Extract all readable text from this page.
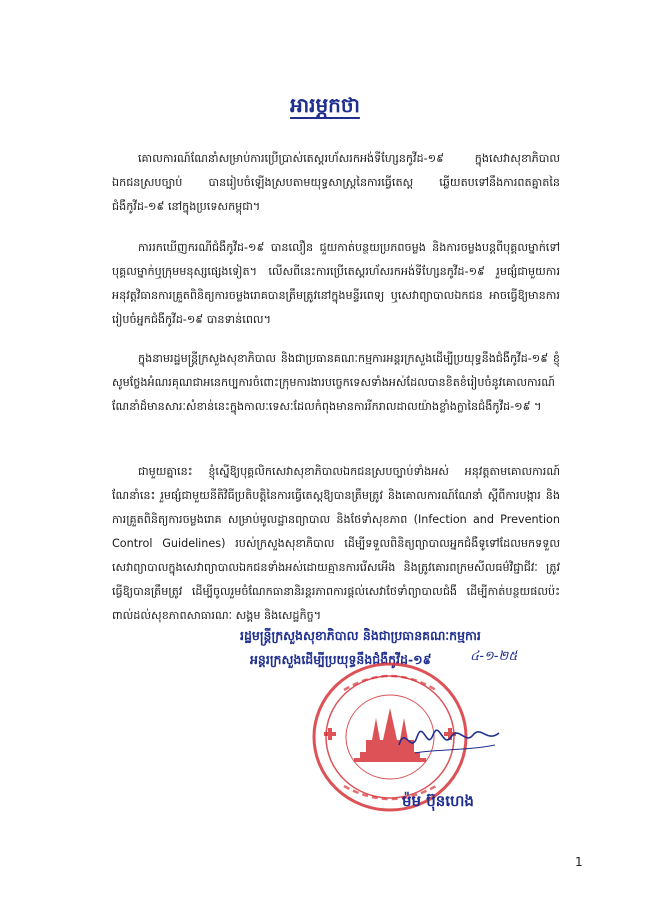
អារម្ភកថា

គោលការណ៍ណែនាំសម្រាប់ការប្រើប្រាស់តេស្តរហ័សរកអង់ទីហ្សែនកូវីដ-១៩ ក្នុងសេវាសុខាភិបាលឯកជនស្របច្បាប់ បានរៀបចំឡើងស្របតាមយុទ្ធសាស្ត្រនៃការធ្វើតេស្ត ឆ្លើយតបទៅនឹងការពតគ្នាតនៃជំងឺកូវីដ-១៩ នៅក្នុងប្រទេសកម្ពុជា។

ការរកឃើញករណីជំងឺកូវីដ-១៩ បានលឿន ជួយកាត់បន្ថយប្រភពចម្លង និងការចម្លងបន្តពីបុគ្គលម្នាក់ទៅបុគ្គលម្នាក់ឬក្រុមមនុស្សផ្សេងទៀត។ លើសពីនេះការប្រើតេស្តរហ័សរកអង់ទីហ្សែនកូវីដ-១៩ រួមផ្សំជាមួយការអនុវត្តវិធានការគ្រួតពិនិត្យការចម្លងរោគបានត្រឹមត្រូវនៅក្នុងមន្ទីរពេទ្យ ឬសេវាព្យាបាលឯកជន អាចធ្វើឱ្យមានការរៀបចំអ្នកជំងឺកូវីដ-១៩ បានទាន់ពេល។

ក្នុងនាមរដ្ឋមន្ត្រីក្រសួងសុខាភិបាល និងជាប្រធានគណៈកម្មការអន្តរក្រសួងដើម្បីប្រយុទ្ធនឹងជំងឺកូវីដ-១៩ ខ្ញុំសូមថ្លែងអំណរគុណជាអនេកប្បការចំពោះក្រុមការងារបច្ចេកទេសទាំងអស់ដែលបានខិតខំរៀបចំនូវគោលការណ៍ណែនាំដ៏មានសារៈសំខាន់នេះក្នុងកាលៈទេសៈដែលកំពុងមានការរីករាលដាលយ៉ាងខ្លាំងក្លានៃជំងឺកូវីដ-១៩ ។

ជាមួយគ្នានេះ ខ្ញុំស្នើឱ្យបុគ្គលិកសេវាសុខាភិបាលឯកជនស្របច្បាប់ទាំងអស់ អនុវត្តតាមគោលការណ៍ណែនាំនេះ រួមផ្សំជាមួយនីតិវិធីប្រតិបត្តិនៃការធ្វើតេស្តឱ្យបានត្រឹមត្រូវ និងគោលការណ៍ណែនាំ ស្តីពីការបង្ការ និងការគ្រួតពិនិត្យការចម្លងរោគ សម្រាប់មូលដ្ឋានព្យាបាល និងថែទាំសុខភាព (Infection and Prevention Control Guidelines) របស់ក្រសួងសុខាភិបាល ដើម្បីទទួលពិនិត្យព្យាបាលអ្នកជំងឺទូទៅដែលមកទទួលសេវាព្យាបាលក្នុងសេវាព្យាបាលឯកជនទាំងអស់ដោយគ្មានការរើសអើង និងត្រូវគោរពក្រមសីលធម៌វិជ្ជាជីវៈ ត្រូវធ្វើឱ្យបានត្រឹមត្រូវ ដើម្បីចូលរួមចំណែកធានានិរន្តរភាពការផ្តល់សេវាថែទាំព្យាបាលជំងឺ ដើម្បីកាត់បន្ថយផលប៉ះពាល់ដល់សុខភាពសាធារណៈ សង្គម និងសេដ្ឋកិច្ច។

រដ្ឋមន្ត្រីក្រសួងសុខាភិបាល និងជាប្រធានគណៈកម្មការ
អន្តរក្រសួងដើម្បីប្រយុទ្ធនឹងជំងឺកូវីដ-១៩	៤-១-២៥
ម៉ម ប៊ុនហេង
1
